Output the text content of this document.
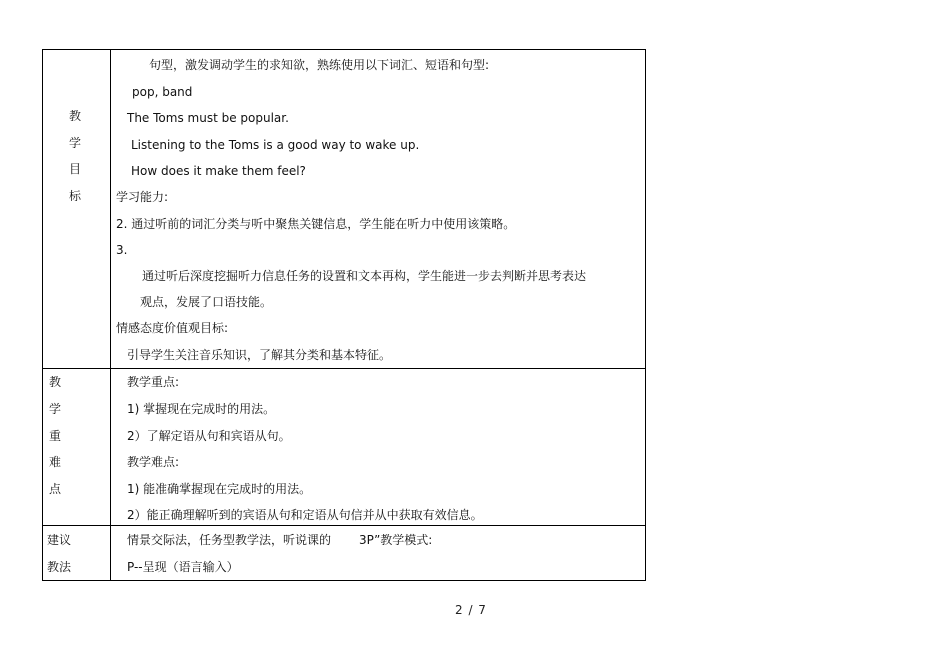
教
学
目
标
句型，激发调动学生的求知欲，熟练使用以下词汇、短语和句型:
pop, band
The Toms must be popular.
Listening to the Toms is a good way to wake up.
How does it make them feel?
学习能力:
2. 通过听前的词汇分类与听中聚焦关键信息，学生能在听力中使用该策略。
3.
通过听后深度挖掘听力信息任务的设置和文本再构，学生能进一步去判断并思考表达
观点，发展了口语技能。
情感态度价值观目标:
引导学生关注音乐知识，了解其分类和基本特征。
教
学
重
难
点
教学重点:
1) 掌握现在完成时的用法。
2）了解定语从句和宾语从句。
教学难点:
1) 能准确掌握现在完成时的用法。
2）能正确理解听到的宾语从句和定语从句信并从中获取有效信息。
建议
教法
情景交际法，任务型教学法，听说课的 3P”教学模式:
P--呈现（语言输入）
2 / 7
